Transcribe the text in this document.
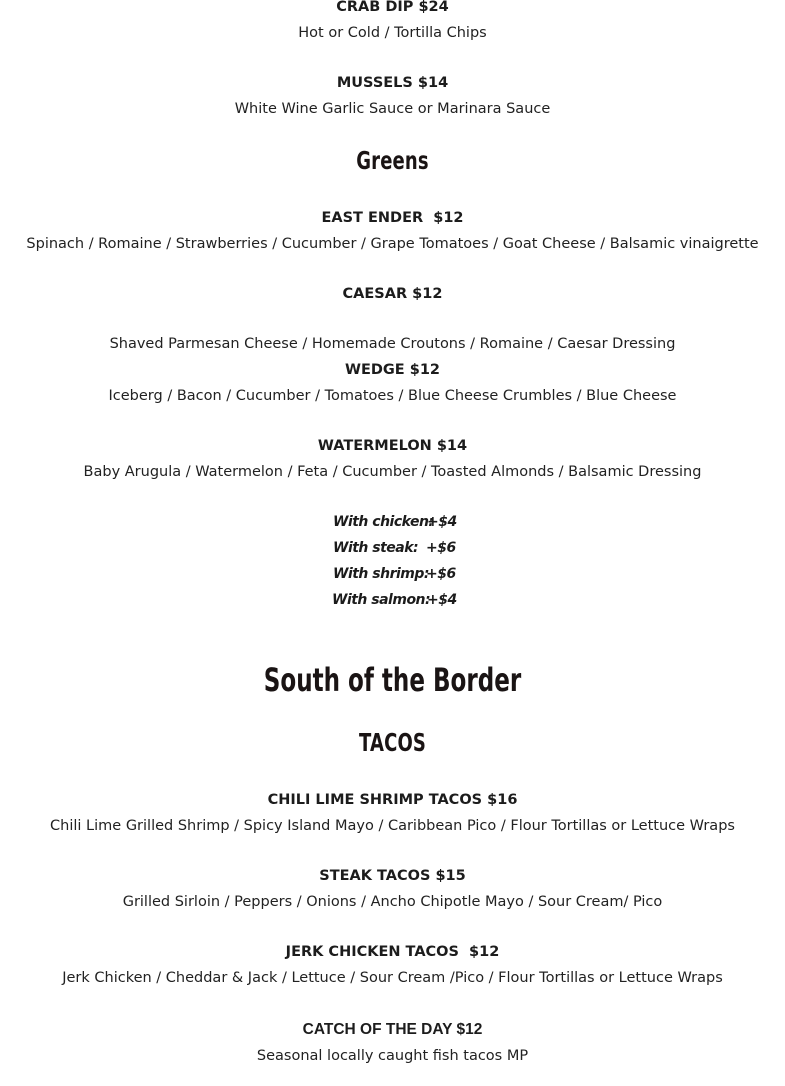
CRAB DIP $24
Hot or Cold / Tortilla Chips
MUSSELS $14
White Wine Garlic Sauce or Marinara Sauce
Greens
EAST ENDER  $12
Spinach / Romaine / Strawberries / Cucumber / Grape Tomatoes / Goat Cheese / Balsamic vinaigrette
CAESAR $12
Shaved Parmesan Cheese / Homemade Croutons / Romaine / Caesar Dressing
WEDGE $12
Iceberg / Bacon / Cucumber / Tomatoes / Blue Cheese Crumbles / Blue Cheese
WATERMELON $14
Baby Arugula / Watermelon / Feta / Cucumber / Toasted Almonds / Balsamic Dressing
With chicken:
+$4
With steak: +$6
With shrimp:
+$6
With salmon:
+$4
South of the Border
TACOS
CHILI LIME SHRIMP TACOS $16
Chili Lime Grilled Shrimp / Spicy Island Mayo / Caribbean Pico / Flour Tortillas or Lettuce Wraps
STEAK TACOS $15
Grilled Sirloin / Peppers / Onions / Ancho Chipotle Mayo / Sour Cream/ Pico
JERK CHICKEN TACOS  $12
Jerk Chicken / Cheddar & Jack / Lettuce / Sour Cream /Pico / Flour Tortillas or Lettuce Wraps
CATCH OF THE DAY $12
Seasonal locally caught fish tacos MP
